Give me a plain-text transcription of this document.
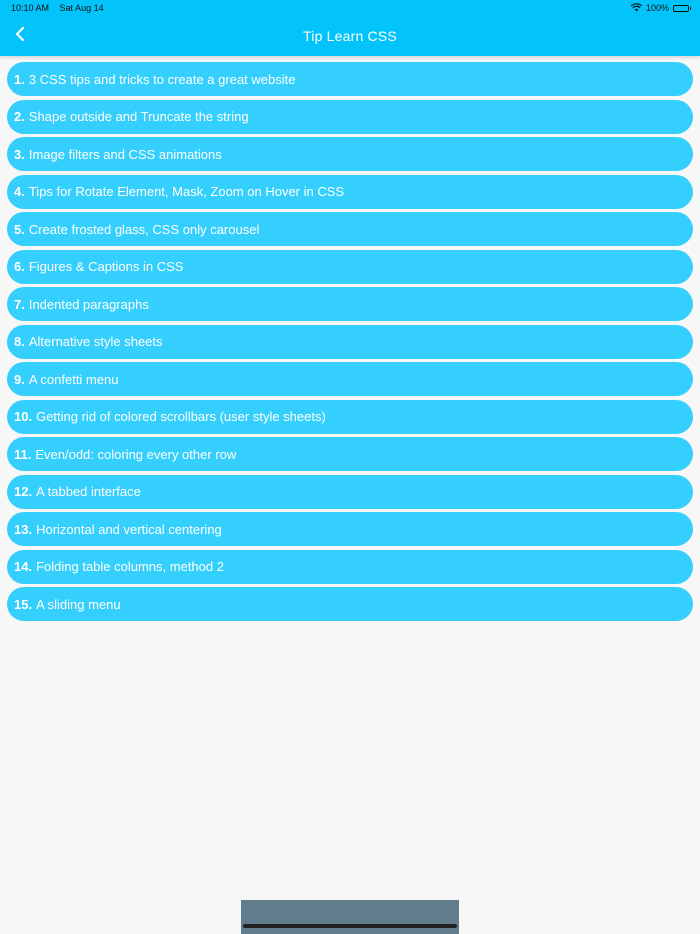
10:10 AM Sat Aug 14	100%
Tip Learn CSS
1. 3 CSS tips and tricks to create a great website
2. Shape outside and Truncate the string
3. Image filters and CSS animations
4. Tips for Rotate Element, Mask, Zoom on Hover in CSS
5. Create frosted glass, CSS only carousel
6. Figures & Captions in CSS
7. Indented paragraphs
8. Alternative style sheets
9. A confetti menu
10. Getting rid of colored scrollbars (user style sheets)
11. Even/odd: coloring every other row
12. A tabbed interface
13. Horizontal and vertical centering
14. Folding table columns, method 2
15. A sliding menu
